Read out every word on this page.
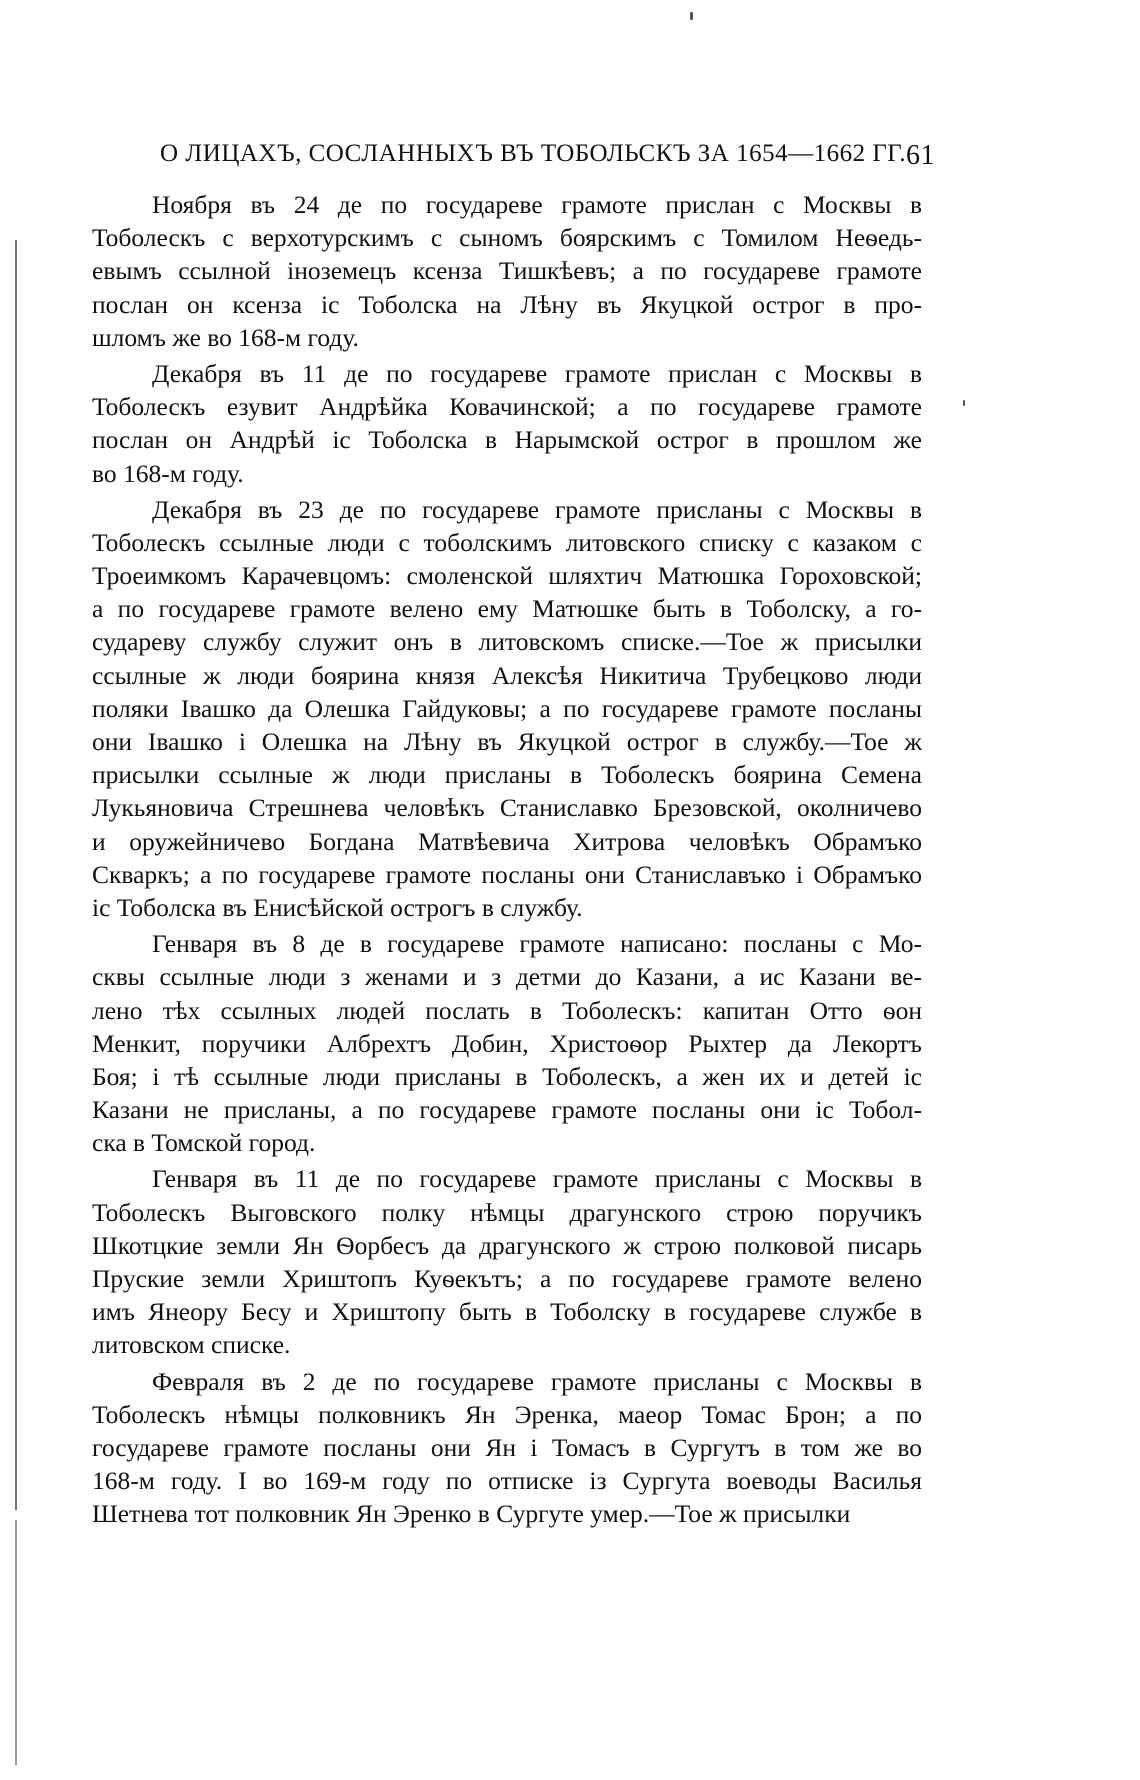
О ЛИЦАХЪ, СОСЛАННЫХЪ ВЪ ТОБОЛЬСКЪ ЗА 1654—1662 ГГ. 61
Ноября въ 24 де по государеве грамоте прислан с Москвы в
Тоболескъ с верхотурскимъ с сыномъ боярскимъ с Томилом Неѳедь-
евымъ ссылной іноземецъ ксенза Тишкѣевъ; а по государеве грамоте
послан он ксенза іс Тоболска на Лѣну въ Якуцкой острог в про-
шломъ же во 168-м году.
Декабря въ 11 де по государеве грамоте прислан с Москвы в
Тоболескъ езувит Андрѣйка Ковачинской; а по государеве грамоте
послан он Андрѣй іс Тоболска в Нарымской острог в прошлом же
во 168-м году.
Декабря въ 23 де по государеве грамоте присланы с Москвы в
Тоболескъ ссылные люди с тоболскимъ литовского списку с казаком с
Троеимкомъ Карачевцомъ: смоленской шляхтич Матюшка Гороховской;
а по государеве грамоте велено ему Матюшке быть в Тоболску, а го-
судареву службу служит онъ в литовскомъ списке.—Тое ж присылки
ссылные ж люди боярина князя Алексѣя Никитича Трубецково люди
поляки Івашко да Олешка Гайдуковы; а по государеве грамоте посланы
они Івашко і Олешка на Лѣну въ Якуцкой острог в службу.—Тое ж
присылки ссылные ж люди присланы в Тоболескъ боярина Семена
Лукьяновича Стрешнева человѣкъ Станиславко Брезовской, околничево
и оружейничево Богдана Матвѣевича Хитрова человѣкъ Обрамъко
Скваркъ; а по государеве грамоте посланы они Станиславъко і Обрамъко
іс Тоболска въ Енисѣйской острогъ в службу.
Генваря въ 8 де в государеве грамоте написано: посланы с Мо-
сквы ссылные люди з женами и з детми до Казани, а ис Казани ве-
лено тѣх ссылных людей послать в Тоболескъ: капитан Отто ѳон
Менкит, поручики Албрехтъ Добин, Христоѳор Рыхтер да Лекортъ
Боя; і тѣ ссылные люди присланы в Тоболескъ, а жен их и детей іс
Казани не присланы, а по государеве грамоте посланы они іс Тобол-
ска в Томской город.
Генваря въ 11 де по государеве грамоте присланы с Москвы в
Тоболескъ Выговского полку нѣмцы драгунского строю поручикъ
Шкотцкие земли Ян Ѳорбесъ да драгунского ж строю полковой писарь
Пруские земли Хриштопъ Куѳекътъ; а по государеве грамоте велено
имъ Янеору Бесу и Хриштопу быть в Тоболску в государеве службе в
литовском списке.
Февраля въ 2 де по государеве грамоте присланы с Москвы в
Тоболескъ нѣмцы полковникъ Ян Эренка, маеор Томас Брон; а по
государеве грамоте посланы они Ян і Томасъ в Сургутъ в том же во
168-м году. І во 169-м году по отписке із Сургута воеводы Василья
Шетнева тот полковник Ян Эренко в Сургуте умер.—Тое ж присылки
